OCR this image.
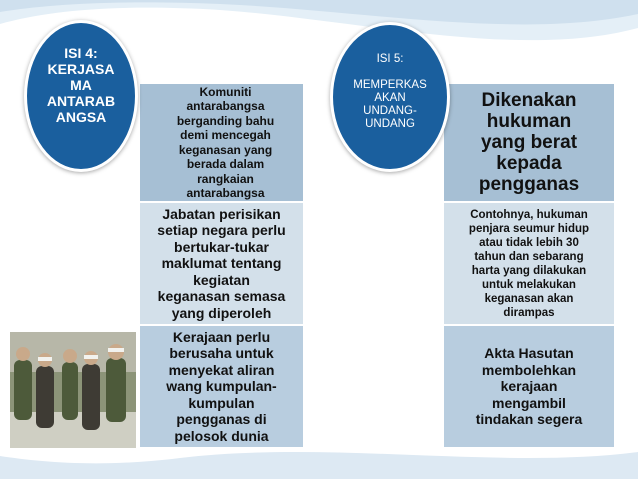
Komuniti
antarabangsa
berganding bahu
demi mencegah
keganasan yang
berada dalam
rangkaian
antarabangsa
Jabatan perisikan
setiap negara perlu
bertukar-tukar
maklumat tentang
kegiatan
keganasan semasa
yang diperoleh
Kerajaan perlu
berusaha untuk
menyekat aliran
wang kumpulan-
kumpulan
pengganas di
pelosok dunia
Dikenakan
hukuman
yang berat
kepada
pengganas
Contohnya, hukuman
penjara seumur hidup
atau tidak lebih 30
tahun dan sebarang
harta yang dilakukan
untuk melakukan
keganasan akan
dirampas
Akta Hasutan
membolehkan
kerajaan
mengambil
tindakan segera
ISI 4:
KERJASA
MA
ANTARAB
ANGSA
ISI 5:

MEMPERKAS
AKAN
UNDANG-
UNDANG
